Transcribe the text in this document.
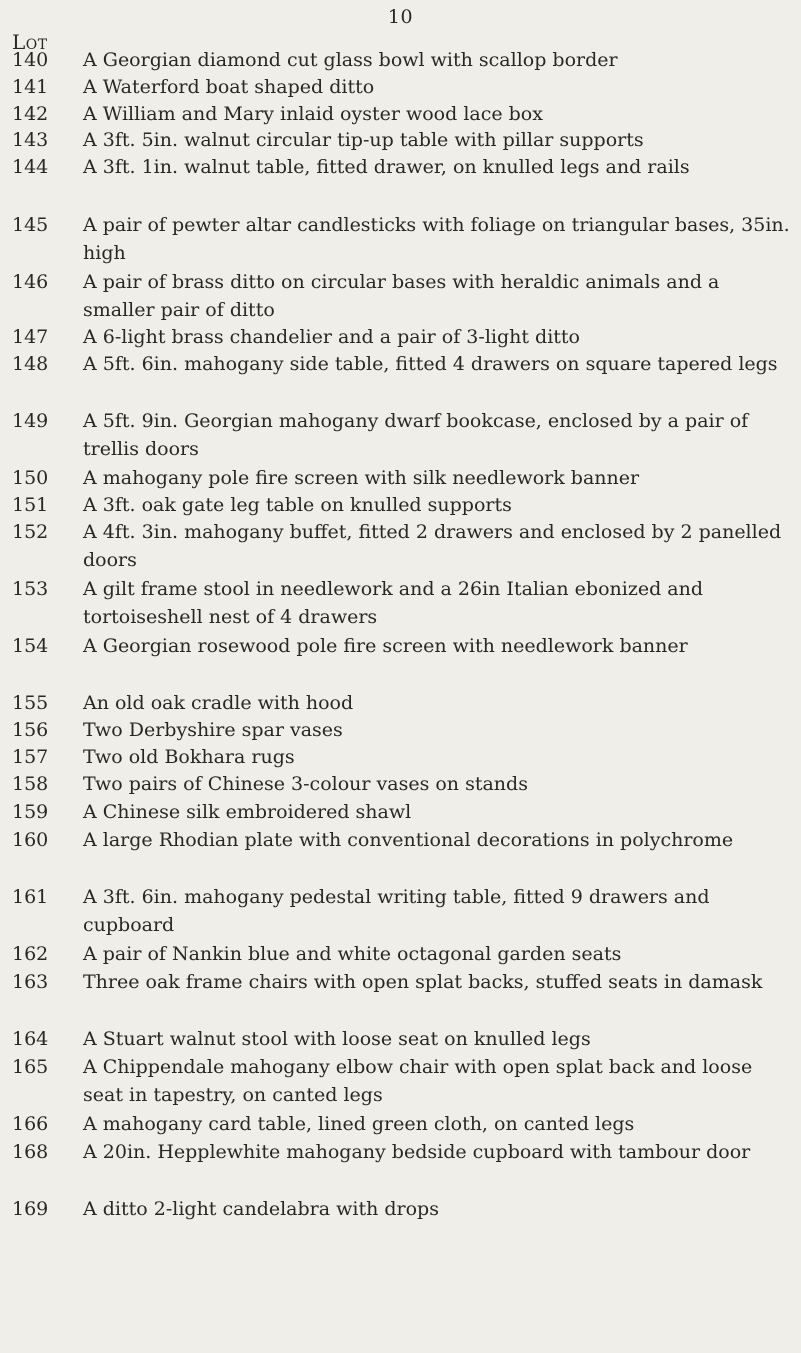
10
Lot
140	A Georgian diamond cut glass bowl with scallop border
141	A Waterford boat shaped ditto
142	A William and Mary inlaid oyster wood lace box
143	A 3ft. 5in. walnut circular tip-up table with pillar supports
144	A 3ft. 1in. walnut table, fitted drawer, on knulled legs and rails
145	A pair of pewter altar candlesticks with foliage on triangular bases, 35in. high
146	A pair of brass ditto on circular bases with heraldic animals and a smaller pair of ditto
147	A 6-light brass chandelier and a pair of 3-light ditto
148	A 5ft. 6in. mahogany side table, fitted 4 drawers on square tapered legs
149	A 5ft. 9in. Georgian mahogany dwarf bookcase, enclosed by a pair of trellis doors
150	A mahogany pole fire screen with silk needlework banner
151	A 3ft. oak gate leg table on knulled supports
152	A 4ft. 3in. mahogany buffet, fitted 2 drawers and enclosed by 2 panelled doors
153	A gilt frame stool in needlework and a 26in Italian ebonized and tortoiseshell nest of 4 drawers
154	A Georgian rosewood pole fire screen with needlework banner
155	An old oak cradle with hood
156	Two Derbyshire spar vases
157	Two old Bokhara rugs
158	Two pairs of Chinese 3-colour vases on stands
159	A Chinese silk embroidered shawl
160	A large Rhodian plate with conventional decorations in polychrome
161	A 3ft. 6in. mahogany pedestal writing table, fitted 9 drawers and cupboard
162	A pair of Nankin blue and white octagonal garden seats
163	Three oak frame chairs with open splat backs, stuffed seats in damask
164	A Stuart walnut stool with loose seat on knulled legs
165	A Chippendale mahogany elbow chair with open splat back and loose seat in tapestry, on canted legs
166	A mahogany card table, lined green cloth, on canted legs
168	A 20in. Hepplewhite mahogany bedside cupboard with tambour door
169	A ditto 2-light candelabra with drops
